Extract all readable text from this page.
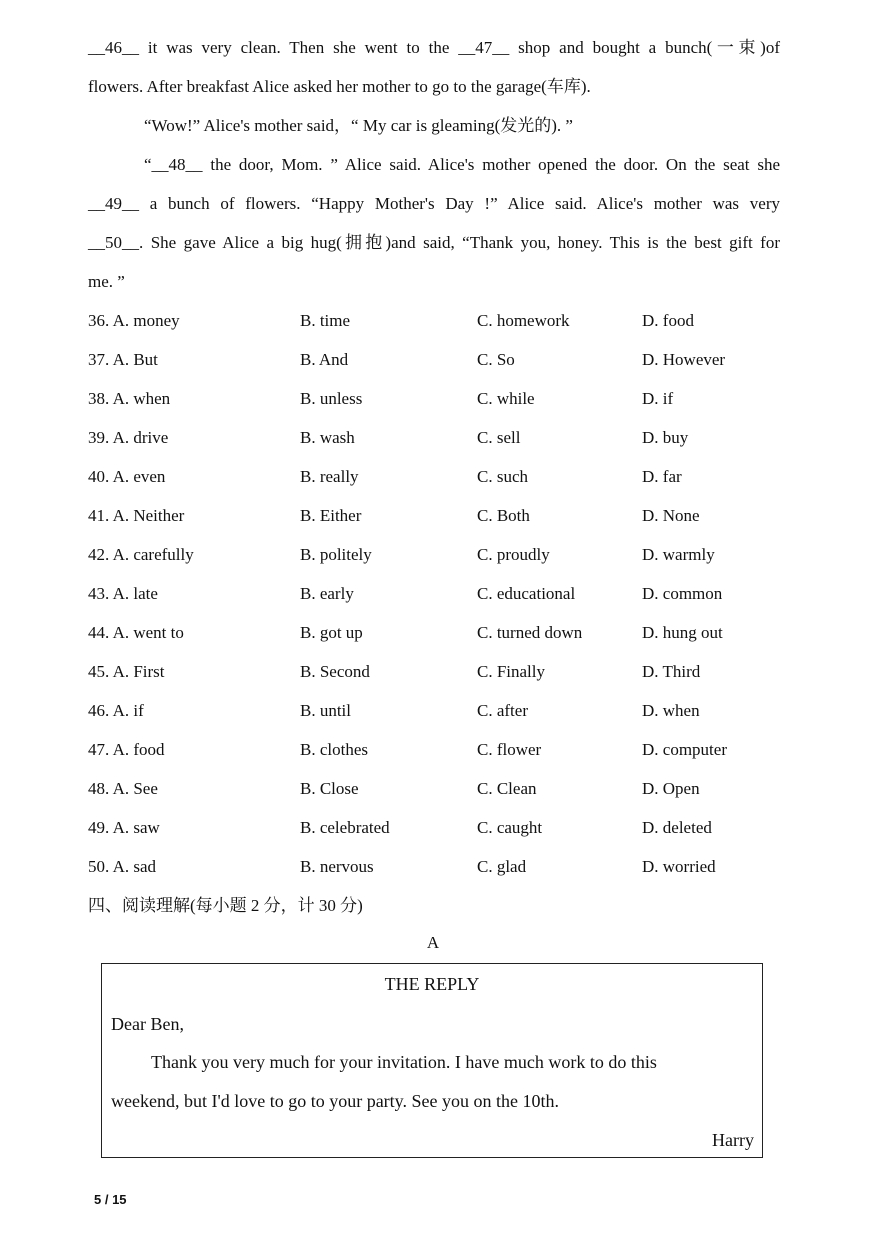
__46__ it was very clean. Then she went to the __47__ shop and bought a bunch(一束)of
flowers. After breakfast Alice asked her mother to go to the garage(车库).
“Wow!” Alice's mother said，“ My car is gleaming(发光的). ”
“__48__ the door, Mom. ” Alice said. Alice's mother opened the door. On the seat she
__49__ a bunch of flowers. “Happy Mother's Day !” Alice said. Alice's mother was very
__50__. She gave Alice a big hug(拥抱)and said, “Thank you, honey. This is the best gift for
me. ”
36. A. money	B. time	C. homework	D. food
37. A. But	B. And	C. So	D. However
38. A. when	B. unless	C. while	D. if
39. A. drive	B. wash	C. sell	D. buy
40. A. even	B. really	C. such	D. far
41. A. Neither	B. Either	C. Both	D. None
42. A. carefully	B. politely	C. proudly	D. warmly
43. A. late	B. early	C. educational	D. common
44. A. went to	B. got up	C. turned down	D. hung out
45. A. First	B. Second	C. Finally	D. Third
46. A. if	B. until	C. after	D. when
47. A. food	B. clothes	C. flower	D. computer
48. A. See	B. Close	C. Clean	D. Open
49. A. saw	B. celebrated	C. caught	D. deleted
50. A. sad	B. nervous	C. glad	D. worried
四、阅读理解(每小题 2 分，计 30 分)
A
THE REPLY
Dear Ben,
Thank you very much for your invitation. I have much work to do this
weekend, but I'd love to go to your party. See you on the 10th.
Harry
5 / 15
